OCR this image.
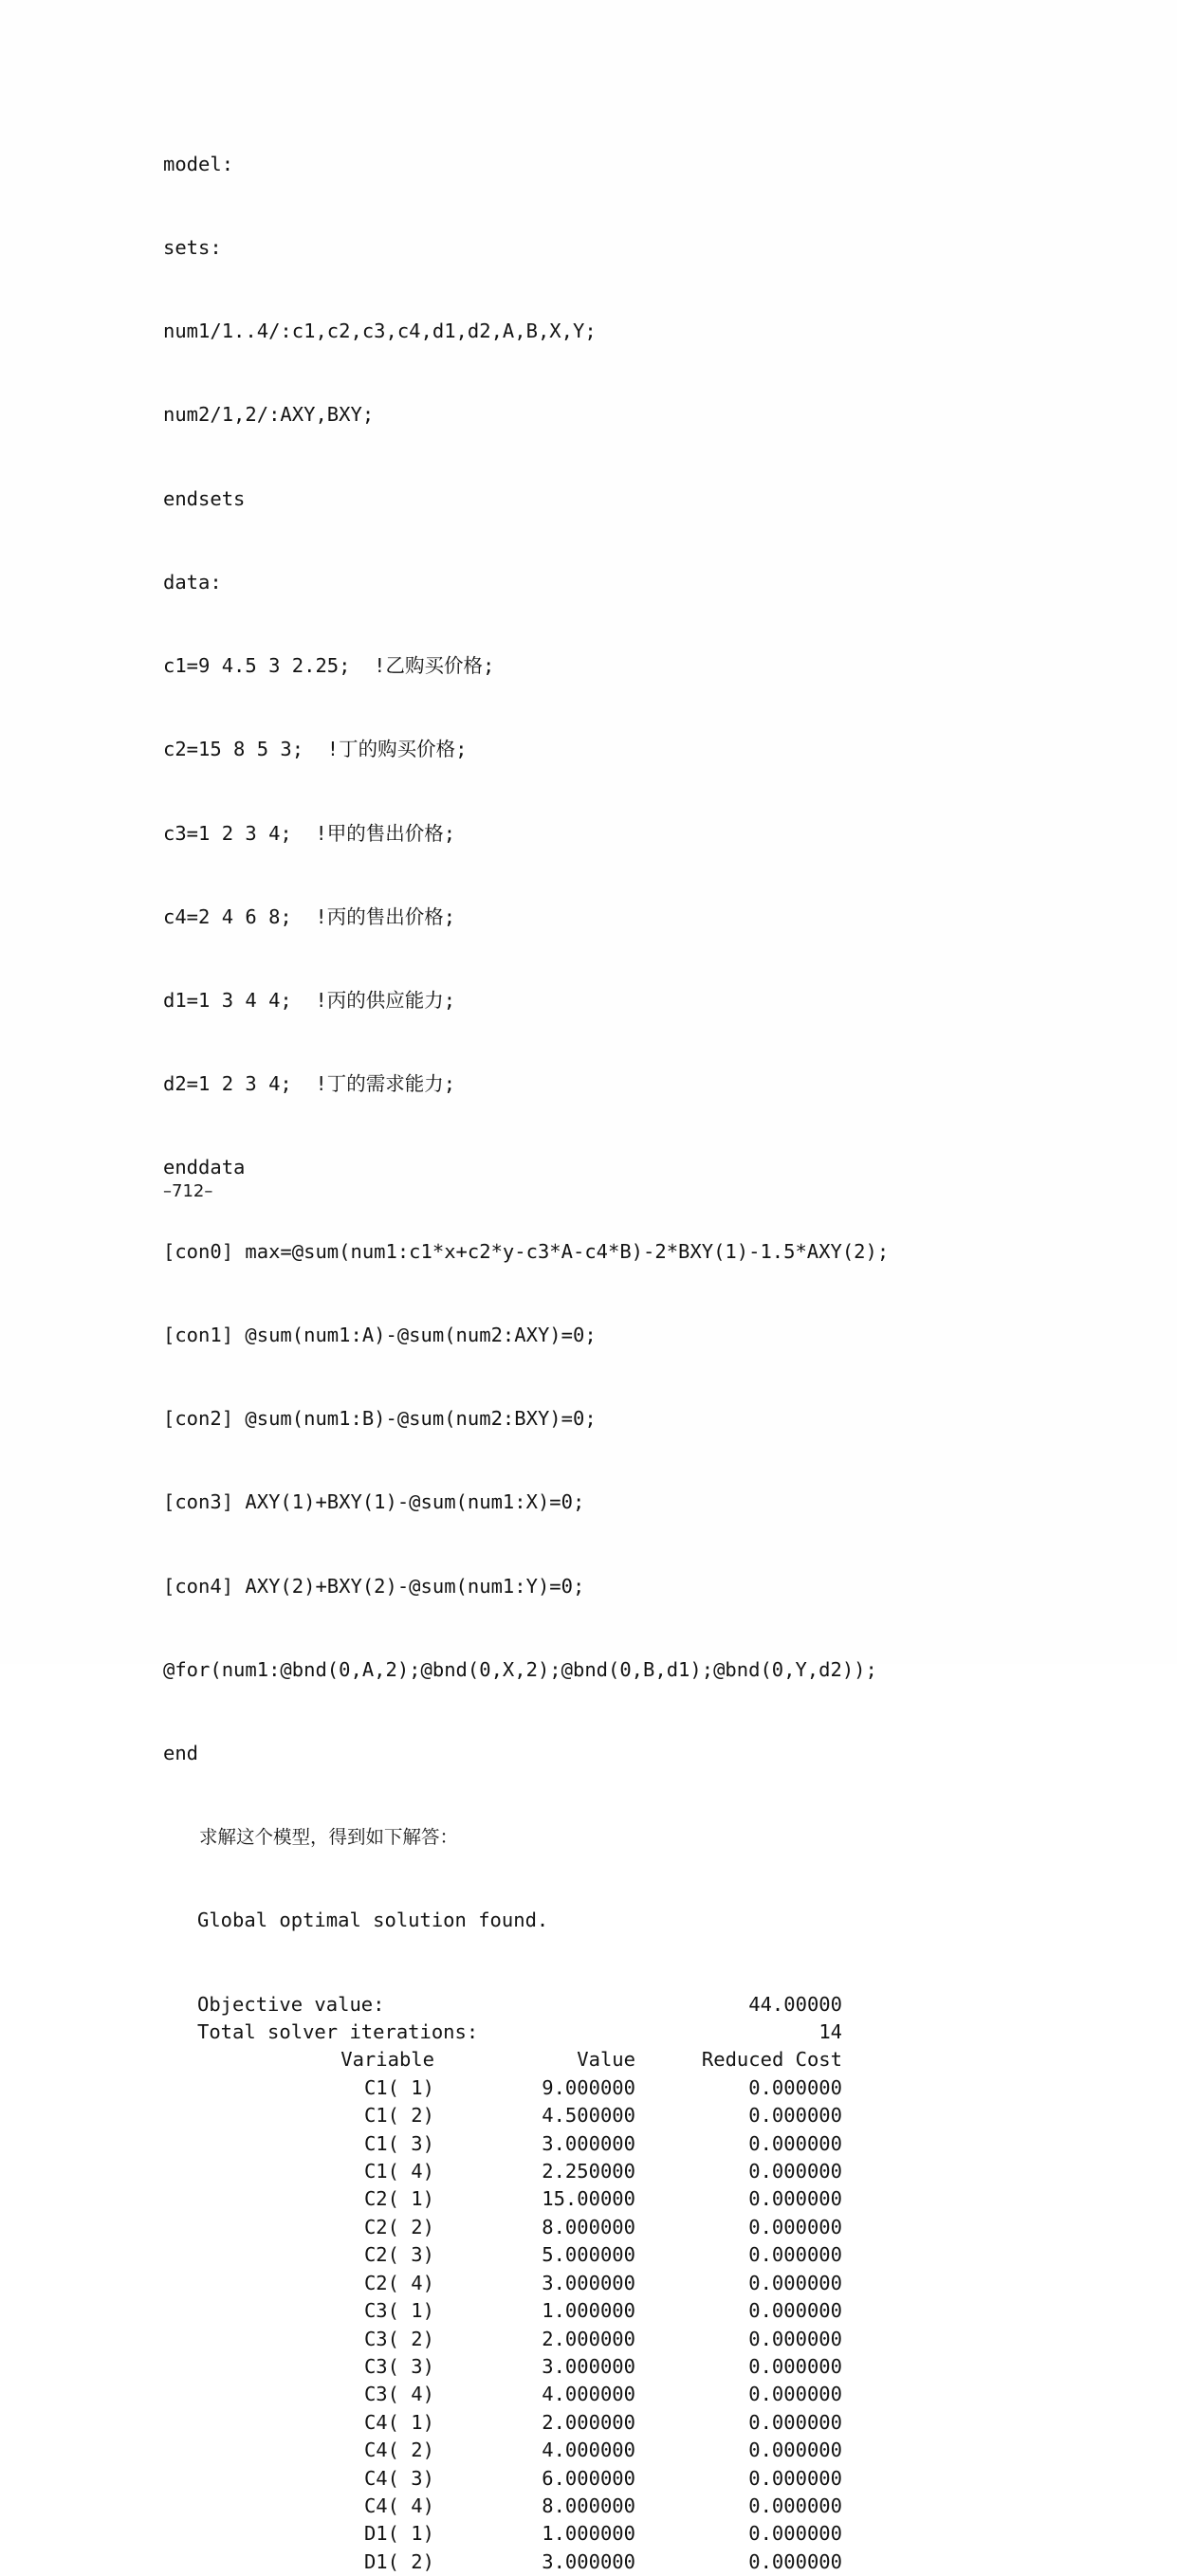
model:

sets:

num1/1..4/:c1,c2,c3,c4,d1,d2,A,B,X,Y;

num2/1,2/:AXY,BXY;

endsets

data:

c1=9 4.5 3 2.25;  !乙购买价格;

c2=15 8 5 3;  !丁的购买价格;

c3=1 2 3 4;  !甲的售出价格;

c4=2 4 6 8;  !丙的售出价格;

d1=1 3 4 4;  !丙的供应能力;

d2=1 2 3 4;  !丁的需求能力;

enddata

[con0] max=@sum(num1:c1*x+c2*y-c3*A-c4*B)-2*BXY(1)-1.5*AXY(2);

[con1] @sum(num1:A)-@sum(num2:AXY)=0;

[con2] @sum(num1:B)-@sum(num2:BXY)=0;

[con3] AXY(1)+BXY(1)-@sum(num1:X)=0;

[con4] AXY(2)+BXY(2)-@sum(num1:Y)=0;

@for(num1:@bnd(0,A,2);@bnd(0,X,2);@bnd(0,B,d1);@bnd(0,Y,d2));

end

求解这个模型，得到如下解答：

Global optimal solution found.

Objective value:	44.00000
Total solver iterations:	14
Variable	Value	Reduced Cost
C1( 1)	9.000000	0.000000
C1( 2)	4.500000	0.000000
C1( 3)	3.000000	0.000000
C1( 4)	2.250000	0.000000
C2( 1)	15.00000	0.000000
C2( 2)	8.000000	0.000000
C2( 3)	5.000000	0.000000
C2( 4)	3.000000	0.000000
C3( 1)	1.000000	0.000000
C3( 2)	2.000000	0.000000
C3( 3)	3.000000	0.000000
C3( 4)	4.000000	0.000000
C4( 1)	2.000000	0.000000
C4( 2)	4.000000	0.000000
C4( 3)	6.000000	0.000000
C4( 4)	8.000000	0.000000
D1( 1)	1.000000	0.000000
D1( 2)	3.000000	0.000000
–712–
